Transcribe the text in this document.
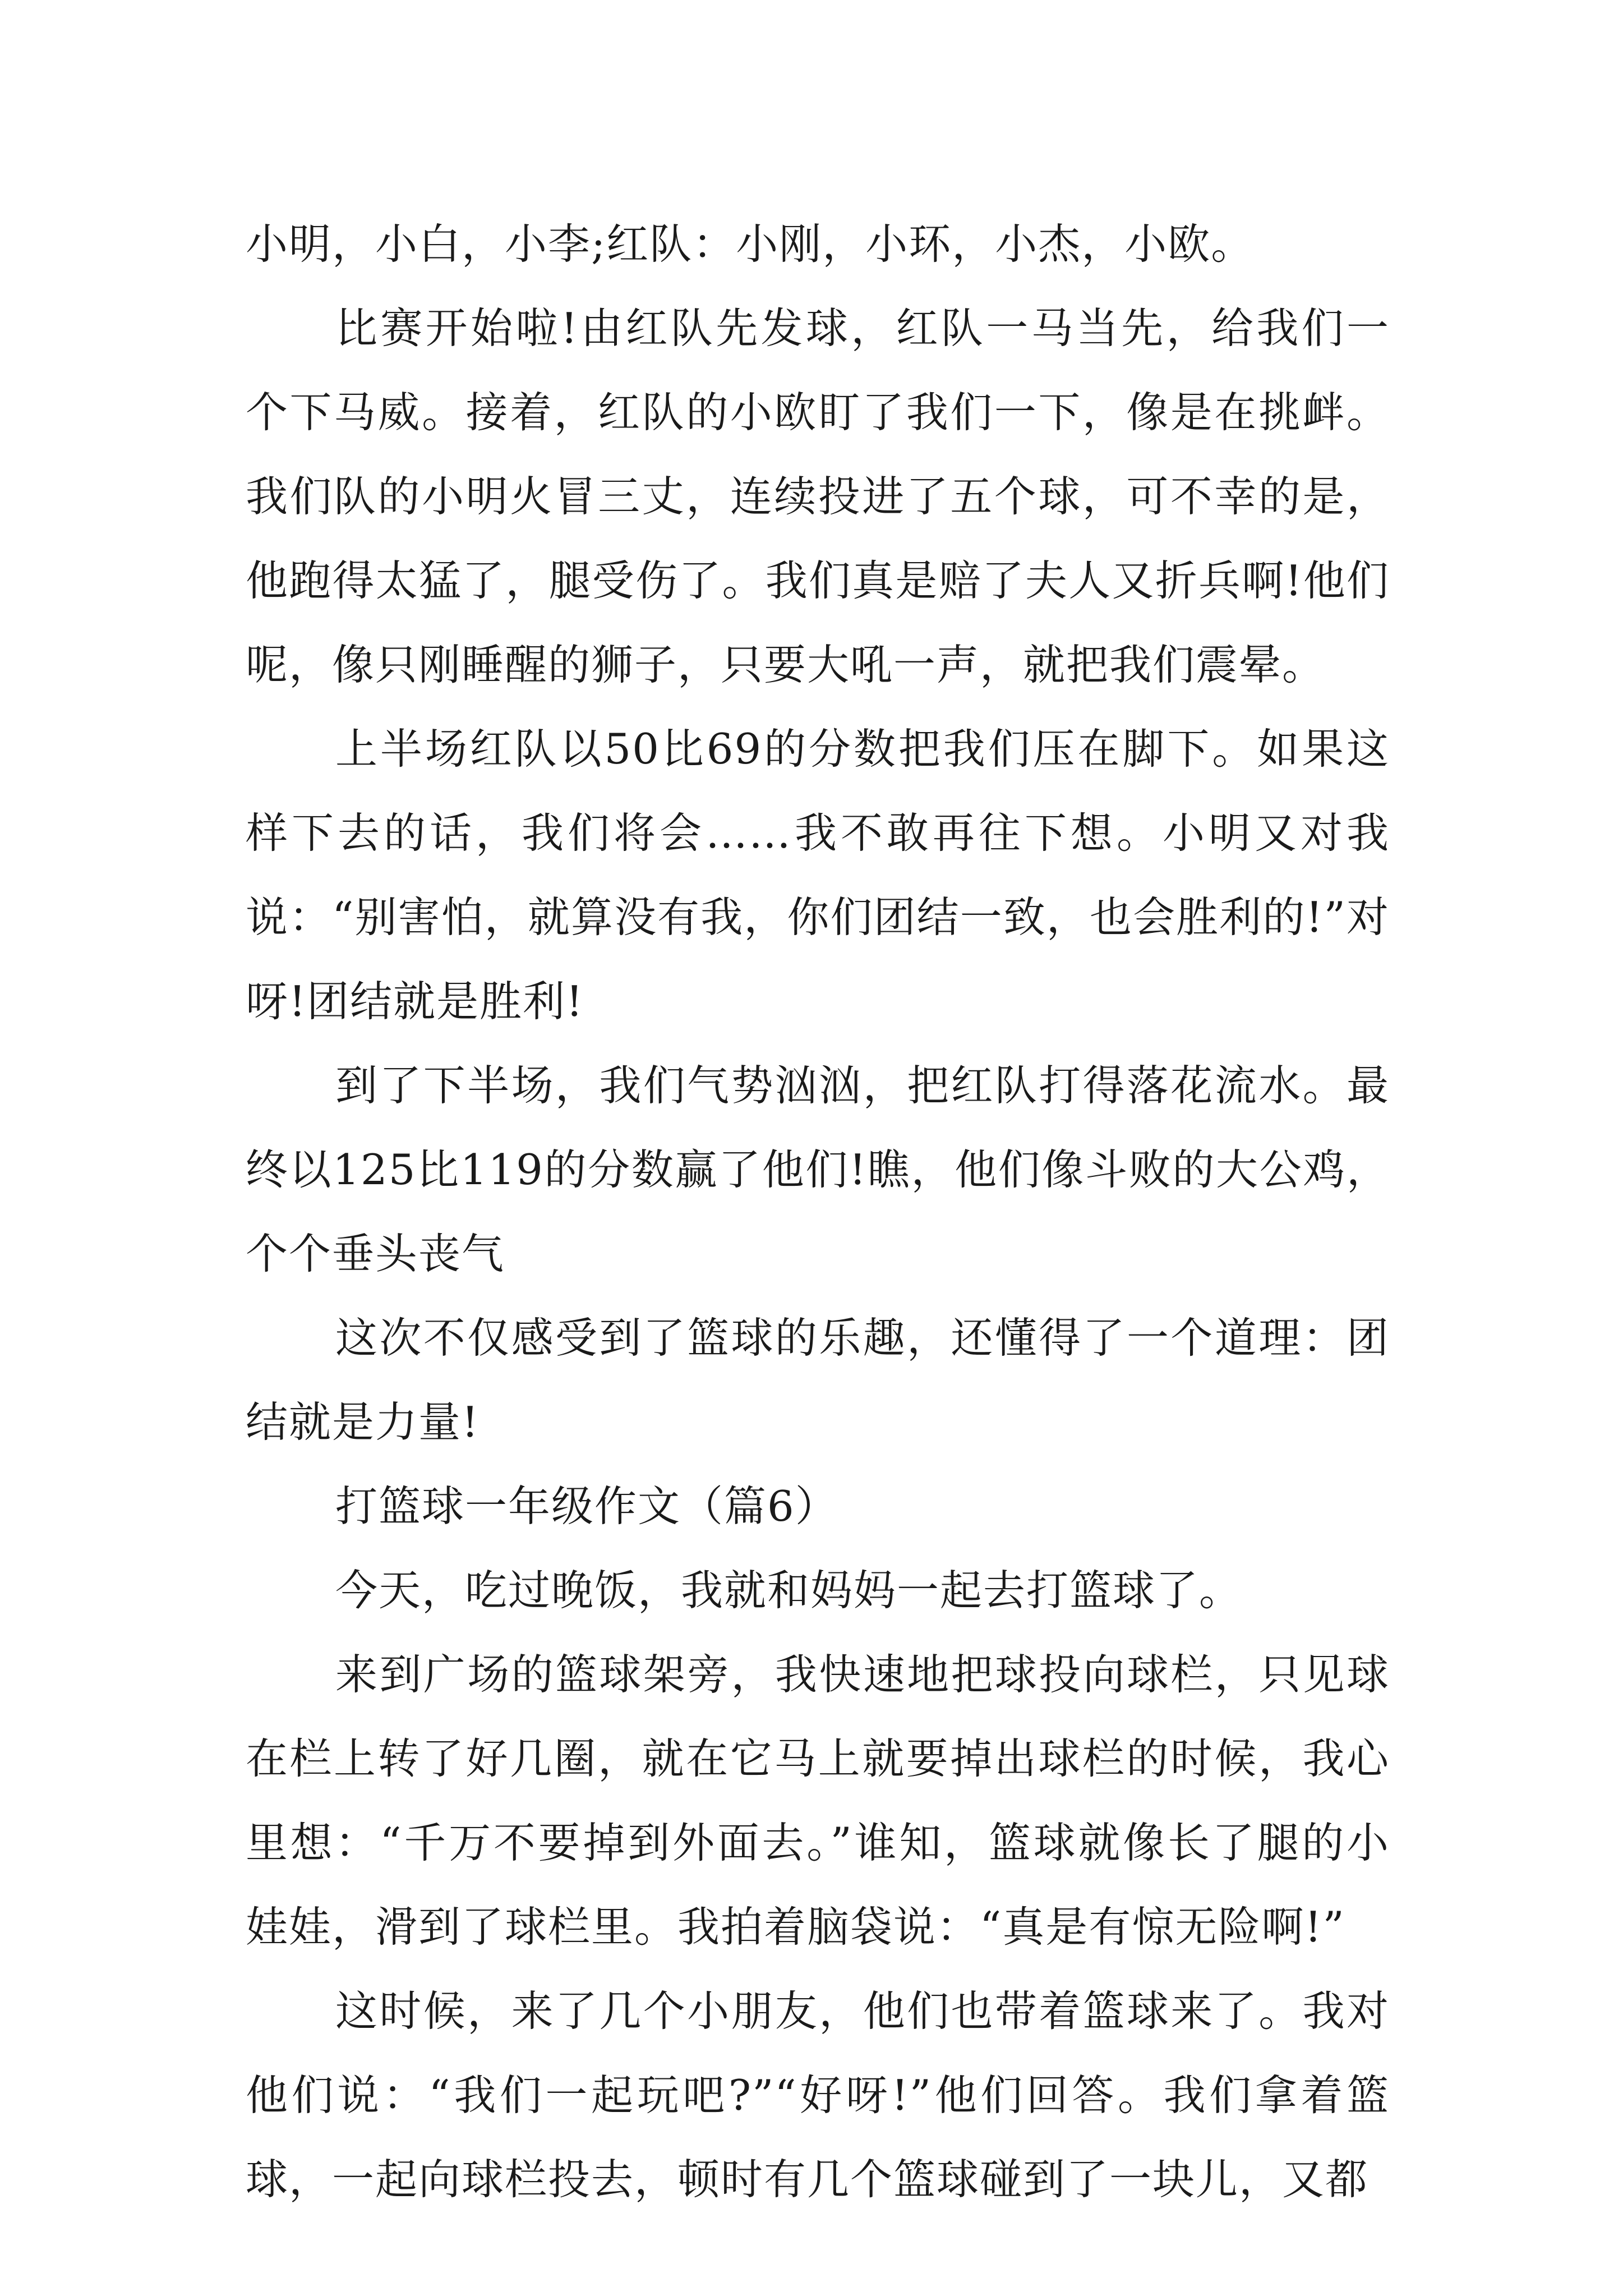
小明，小白，小李;红队：小刚，小环，小杰，小欧。

比赛开始啦!由红队先发球，红队一马当先，给我们一个下马威。接着，红队的小欧盯了我们一下，像是在挑衅。我们队的小明火冒三丈，连续投进了五个球，可不幸的是，他跑得太猛了，腿受伤了。我们真是赔了夫人又折兵啊!他们呢，像只刚睡醒的狮子，只要大吼一声，就把我们震晕。

上半场红队以50比69的分数把我们压在脚下。如果这样下去的话，我们将会……我不敢再往下想。小明又对我说：“别害怕，就算没有我，你们团结一致，也会胜利的!”对呀!团结就是胜利!

到了下半场，我们气势汹汹，把红队打得落花流水。最终以125比119的分数赢了他们!瞧，他们像斗败的大公鸡，个个垂头丧气

这次不仅感受到了篮球的乐趣，还懂得了一个道理：团结就是力量!

打篮球一年级作文（篇6）

今天，吃过晚饭，我就和妈妈一起去打篮球了。

来到广场的篮球架旁，我快速地把球投向球栏，只见球在栏上转了好几圈，就在它马上就要掉出球栏的时候，我心里想：“千万不要掉到外面去。”谁知，篮球就像长了腿的小娃娃，滑到了球栏里。我拍着脑袋说：“真是有惊无险啊!”

这时候，来了几个小朋友，他们也带着篮球来了。我对他们说：“我们一起玩吧?”“好呀!”他们回答。我们拿着篮球，一起向球栏投去，顿时有几个篮球碰到了一块儿，又都
